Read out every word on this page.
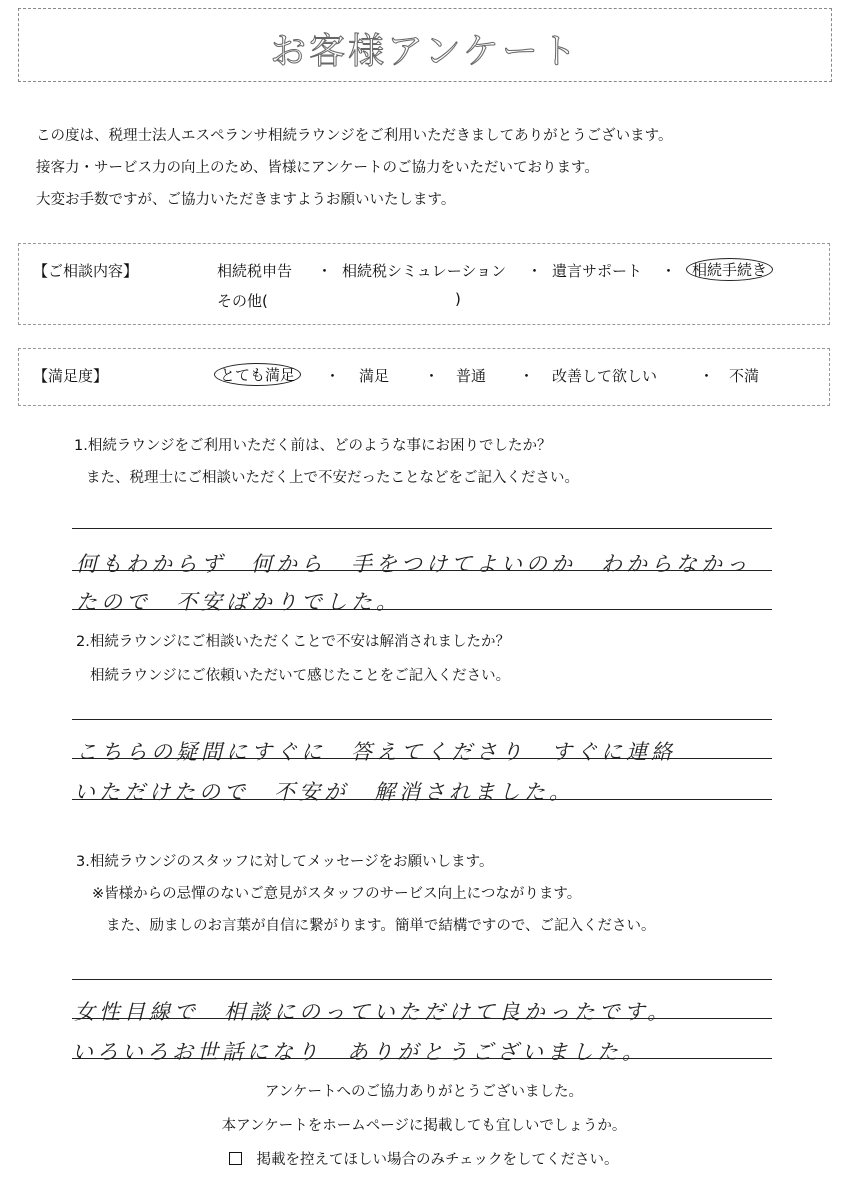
お客様アンケート
この度は、税理士法人エスペランサ相続ラウンジをご利用いただきましてありがとうございます。
接客力・サービス力の向上のため、皆様にアンケートのご協力をいただいております。
大変お手数ですが、ご協力いただきますようお願いいたします。
【ご相談内容】	相続税申告 ・ 相続税シミュレーション ・ 遺言サポート ・	相続手続き
その他(	)
【満足度】	とても満足	・ 満足 ・ 普通 ・ 改善して欲しい	・ 不満
1.相続ラウンジをご利用いただく前は、どのような事にお困りでしたか？
また、税理士にご相談いただく上で不安だったことなどをご記入ください。
何もわからず　何から　手をつけてよいのか　わからなかっ
たので　不安ばかりでした。
2.相続ラウンジにご相談いただくことで不安は解消されましたか？
相続ラウンジにご依頼いただいて感じたことをご記入ください。
こちらの疑問にすぐに　答えてくださり　すぐに連絡
いただけたので　不安が　解消されました。
3.相続ラウンジのスタッフに対してメッセージをお願いします。
※皆様からの忌憚のないご意見がスタッフのサービス向上につながります。
また、励ましのお言葉が自信に繋がります。簡単で結構ですので、ご記入ください。
女性目線で　相談にのっていただけて良かったです。
いろいろお世話になり　ありがとうございました。
アンケートへのご協力ありがとうございました。
本アンケートをホームページに掲載しても宜しいでしょうか。
掲載を控えてほしい場合のみチェックをしてください。
